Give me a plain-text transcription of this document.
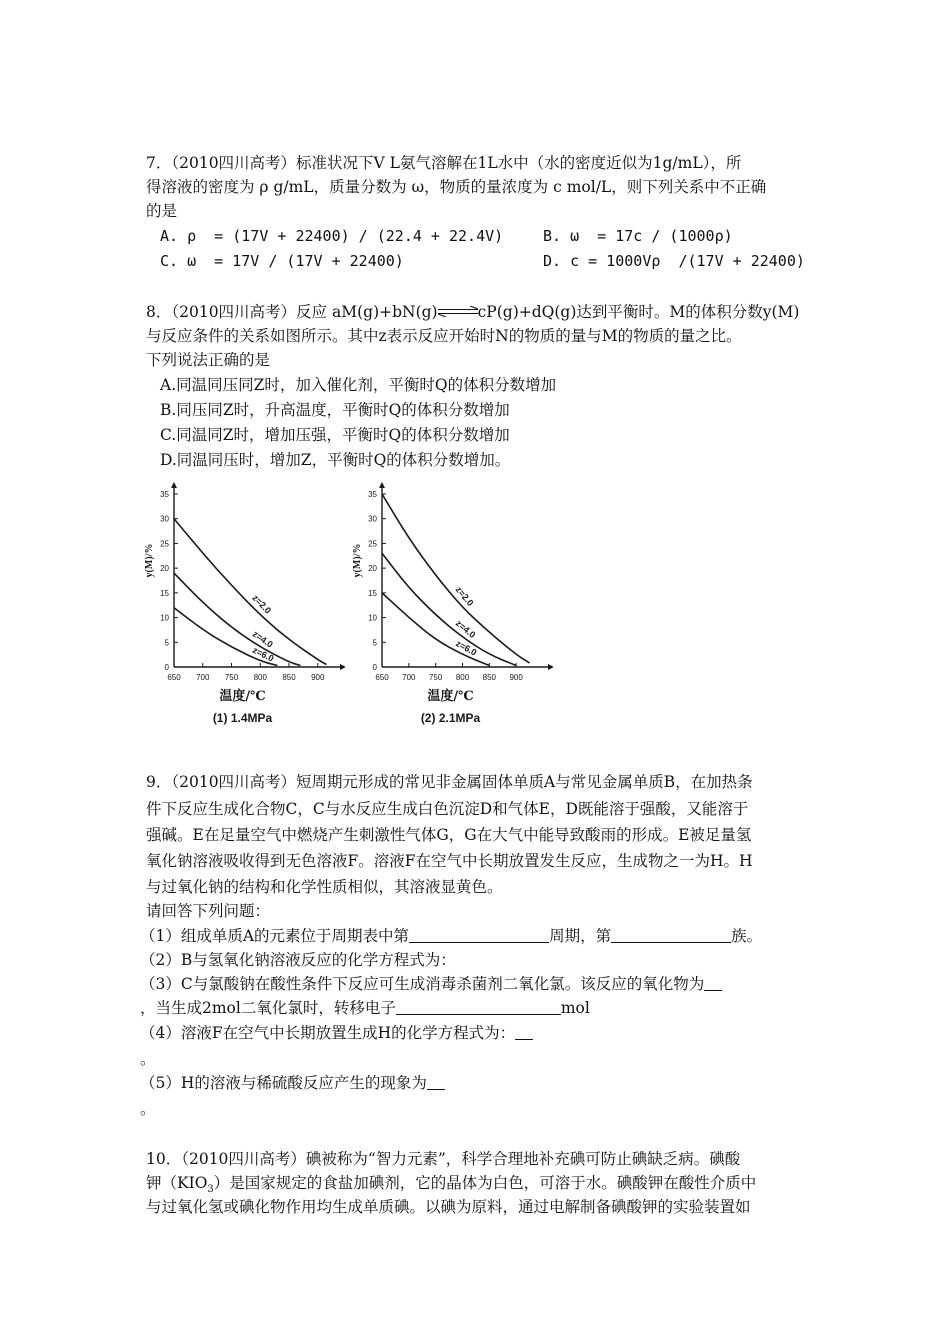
7．（2010四川高考）标准状况下V L氨气溶解在1L水中（水的密度近似为1g/mL），所
得溶液的密度为 ρ g/mL，质量分数为 ω，物质的量浓度为 c mol/L，则下列关系中不正确
的是
A. ρ  = (17V + 22400) / (22.4 + 22.4V)	B. ω  = 17c / (1000ρ)
C. ω  = 17V / (17V + 22400)	D. c = 1000Vρ  /(17V + 22400)
8．（2010四川高考）反应 aM(g)+bN(g)⇌cP(g)+dQ(g)达到平衡时。M的体积分数y(M)
与反应条件的关系如图所示。其中z表示反应开始时N的物质的量与M的物质的量之比。
下列说法正确的是
A.同温同压同Z时，加入催化剂，平衡时Q的体积分数增加
B.同压同Z时，升高温度，平衡时Q的体积分数增加
C.同温同Z时，增加压强，平衡时Q的体积分数增加
D.同温同压时，增加Z，平衡时Q的体积分数增加。
0
5
10
15
20
25
30
35
650 700 750 800 850 900
y(M)/%
温度/℃
(1) 1.4MPa
z=2.0
z=4.0
z=6.0
0
5
10
15
20
25
30
35
650 700 750 800 850 900
y(M)/%
温度/℃
(2) 2.1MPa
z=2.0
z=4.0
z=6.0
9．（2010四川高考）短周期元形成的常见非金属固体单质A与常见金属单质B，在加热条
件下反应生成化合物C，C与水反应生成白色沉淀D和气体E，D既能溶于强酸，又能溶于
强碱。E在足量空气中燃烧产生刺激性气体G，G在大气中能导致酸雨的形成。E被足量氢
氧化钠溶液吸收得到无色溶液F。溶液F在空气中长期放置发生反应，生成物之一为H。H
与过氧化钠的结构和化学性质相似，其溶液显黄色。
请回答下列问题：
（1）组成单质A的元素位于周期表中第	周期，第	族。
（2）B与氢氧化钠溶液反应的化学方程式为：
（3）C与氯酸钠在酸性条件下反应可生成消毒杀菌剂二氧化氯。该反应的氧化物为
，当生成2mol二氧化氯时，转移电子	mol
（4）溶液F在空气中长期放置生成H的化学方程式为：
。
（5）H的溶液与稀硫酸反应产生的现象为
。
10．（2010四川高考）碘被称为“智力元素”，科学合理地补充碘可防止碘缺乏病。碘酸
钾$(KIO_3)$是国家规定的食盐加碘剂，它的晶体为白色，可溶于水。碘酸钾在酸性介质中
与过氧化氢或碘化物作用均生成单质碘。以碘为原料，通过电解制备碘酸钾的实验装置如
